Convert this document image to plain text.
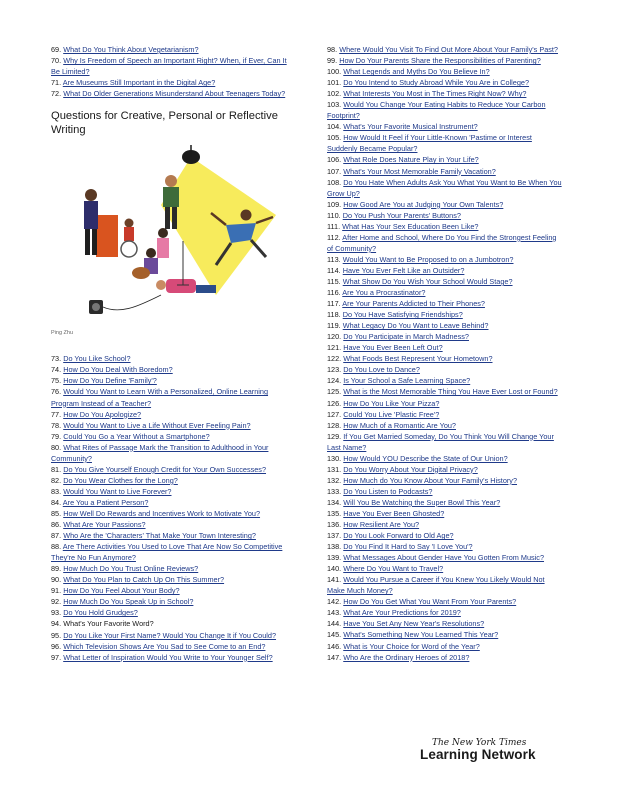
69. What Do You Think About Vegetarianism?

70. Why Is Freedom of Speech an Important Right? When, if Ever, Can It Be Limited?

71. Are Museums Still Important in the Digital Age?

72. What Do Older Generations Misunderstand About Teenagers Today?

Questions for Creative, Personal or Reflective Writing
Ping Zhu

73. Do You Like School?

74. How Do You Deal With Boredom?

75. How Do You Define 'Family'?

76. Would You Want to Learn With a Personalized, Online Learning Program Instead of a Teacher?

77. How Do You Apologize?

78. Would You Want to Live a Life Without Ever Feeling Pain?

79. Could You Go a Year Without a Smartphone?

80. What Rites of Passage Mark the Transition to Adulthood in Your Community?

81. Do You Give Yourself Enough Credit for Your Own Successes?

82. Do You Wear Clothes for the Long?

83. Would You Want to Live Forever?

84. Are You a Patient Person?

85. How Well Do Rewards and Incentives Work to Motivate You?

86. What Are Your Passions?

87. Who Are the 'Characters' That Make Your Town Interesting?

88. Are There Activities You Used to Love That Are Now So Competitive They're No Fun Anymore?

89. How Much Do You Trust Online Reviews?

90. What Do You Plan to Catch Up On This Summer?

91. How Do You Feel About Your Body?

92. How Much Do You Speak Up in School?

93. Do You Hold Grudges?

94. What's Your Favorite Word?

95. Do You Like Your First Name? Would You Change It if You Could?

96. Which Television Shows Are You Sad to See Come to an End?

97. What Letter of Inspiration Would You Write to Your Younger Self?

98. Where Would You Visit To Find Out More About Your Family's Past?

99. How Do Your Parents Share the Responsibilities of Parenting?

100. What Legends and Myths Do You Believe In?

101. Do You Intend to Study Abroad While You Are in College?

102. What Interests You Most in The Times Right Now? Why?

103. Would You Change Your Eating Habits to Reduce Your Carbon Footprint?

104. What's Your Favorite Musical Instrument?

105. How Would It Feel if Your Little-Known 'Pastime or Interest Suddenly Became Popular?

106. What Role Does Nature Play in Your Life?

107. What's Your Most Memorable Family Vacation?

108. Do You Hate When Adults Ask You What You Want to Be When You Grow Up?

109. How Good Are You at Judging Your Own Talents?

110. Do You Push Your Parents' Buttons?

111. What Has Your Sex Education Been Like?

112. After Home and School, Where Do You Find the Strongest Feeling of Community?

113. Would You Want to Be Proposed to on a Jumbotron?

114. Have You Ever Felt Like an Outsider?

115. What Show Do You Wish Your School Would Stage?

116. Are You a Procrastinator?

117. Are Your Parents Addicted to Their Phones?

118. Do You Have Satisfying Friendships?

119. What Legacy Do You Want to Leave Behind?

120. Do You Participate in March Madness?

121. Have You Ever Been Left Out?

122. What Foods Best Represent Your Hometown?

123. Do You Love to Dance?

124. Is Your School a Safe Learning Space?

125. What is the Most Memorable Thing You Have Ever Lost or Found?

126. How Do You Like Your Pizza?

127. Could You Live 'Plastic Free'?

128. How Much of a Romantic Are You?

129. If You Get Married Someday, Do You Think You Will Change Your Last Name?

130. How Would YOU Describe the State of Our Union?

131. Do You Worry About Your Digital Privacy?

132. How Much do You Know About Your Family's History?

133. Do You Listen to Podcasts?

134. Will You Be Watching the Super Bowl This Year?

135. Have You Ever Been Ghosted?

136. How Resilient Are You?

137. Do You Look Forward to Old Age?

138. Do You Find It Hard to Say 'I Love You'?

139. What Messages About Gender Have You Gotten From Music?

140. Where Do You Want to Travel?

141. Would You Pursue a Career if You Knew You Likely Would Not Make Much Money?

142. How Do You Get What You Want From Your Parents?

143. What Are Your Predictions for 2019?

144. Have You Set Any New Year's Resolutions?

145. What's Something New You Learned This Year?

146. What is Your Choice for Word of the Year?

147. Who Are the Ordinary Heroes of 2018?

The New York Times
Learning Network
